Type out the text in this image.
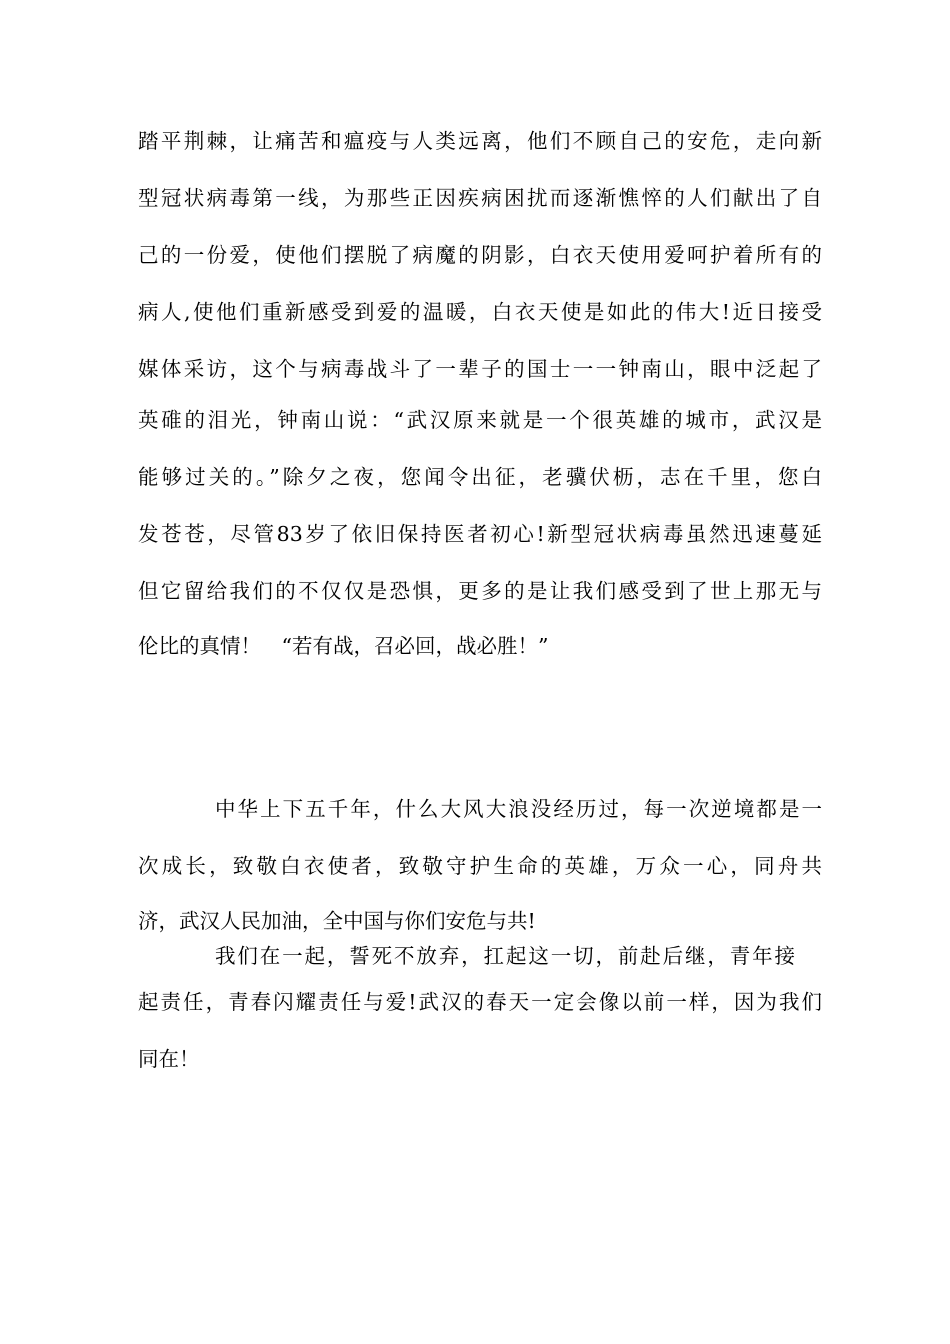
踏平荆棘，让痛苦和瘟疫与人类远离，他们不顾自己的安危，走向新
型冠状病毒第一线，为那些正因疾病困扰而逐渐憔悴的人们献出了自
己的一份爱，使他们摆脱了病魔的阴影，白衣天使用爱呵护着所有的
病人,使他们重新感受到爱的温暖，白衣天使是如此的伟大!近日接受
媒体采访，这个与病毒战斗了一辈子的国士一一钟南山，眼中泛起了
英碓的泪光，钟南山说：“武汉原来就是一个很英雄的城市，武汉是
能够过关的。”除夕之夜，您闻令出征，老骥伏枥，志在千里，您白
发苍苍，尽管83岁了依旧保持医者初心!新型冠状病毒虽然迅速蔓延
但它留给我们的不仅仅是恐惧，更多的是让我们感受到了世上那无与
伦比的真情！　“若有战，召必回，战必胜！”
中华上下五千年，什么大风大浪没经历过，每一次逆境都是一
次成长，致敬白衣使者，致敬守护生命的英雄，万众一心，同舟共
济，武汉人民加油，全中国与你们安危与共!
我们在一起，誓死不放弃，扛起这一切，前赴后继，青年接
起责任，青春闪耀责任与爱!武汉的春天一定会像以前一样，因为我们
同在！
